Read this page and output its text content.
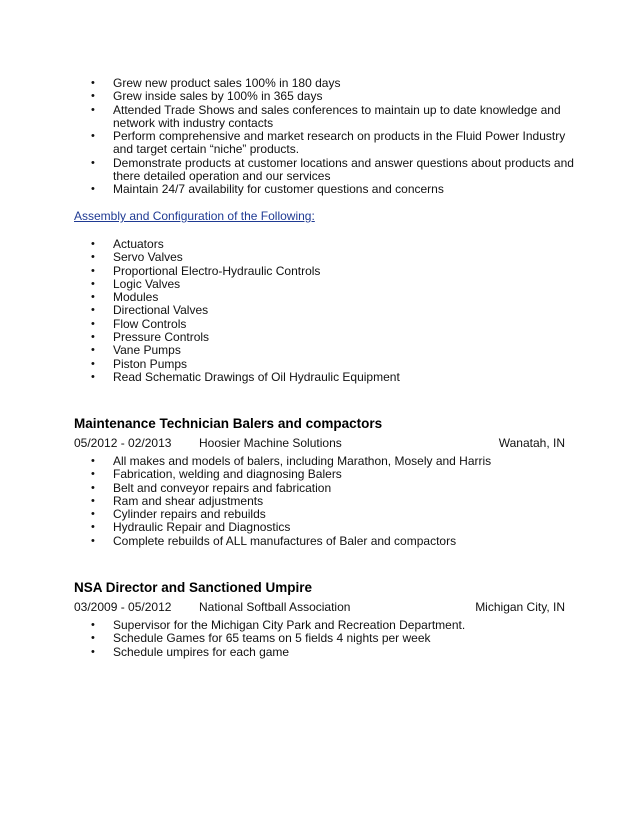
• Grew new product sales 100% in 180 days
• Grew inside sales by 100% in 365 days
• Attended Trade Shows and sales conferences to maintain up to date knowledge and network with industry contacts
• Perform comprehensive and market research on products in the Fluid Power Industry and target certain “niche” products.
• Demonstrate products at customer locations and answer questions about products and there detailed operation and our services
• Maintain 24/7 availability for customer questions and concerns
Assembly and Configuration of the Following:
• Actuators
• Servo Valves
• Proportional Electro-Hydraulic Controls
• Logic Valves
• Modules
• Directional Valves
• Flow Controls
• Pressure Controls
• Vane Pumps
• Piston Pumps
• Read Schematic Drawings of Oil Hydraulic Equipment
Maintenance Technician Balers and compactors
05/2012 - 02/2013 Hoosier Machine Solutions	Wanatah, IN
• All makes and models of balers, including Marathon, Mosely and Harris
• Fabrication, welding and diagnosing Balers
• Belt and conveyor repairs and fabrication
• Ram and shear adjustments
• Cylinder repairs and rebuilds
• Hydraulic Repair and Diagnostics
• Complete rebuilds of ALL manufactures of Baler and compactors
NSA Director and Sanctioned Umpire
03/2009 - 05/2012 National Softball Association	Michigan City, IN
• Supervisor for the Michigan City Park and Recreation Department.
• Schedule Games for 65 teams on 5 fields 4 nights per week
• Schedule umpires for each game
